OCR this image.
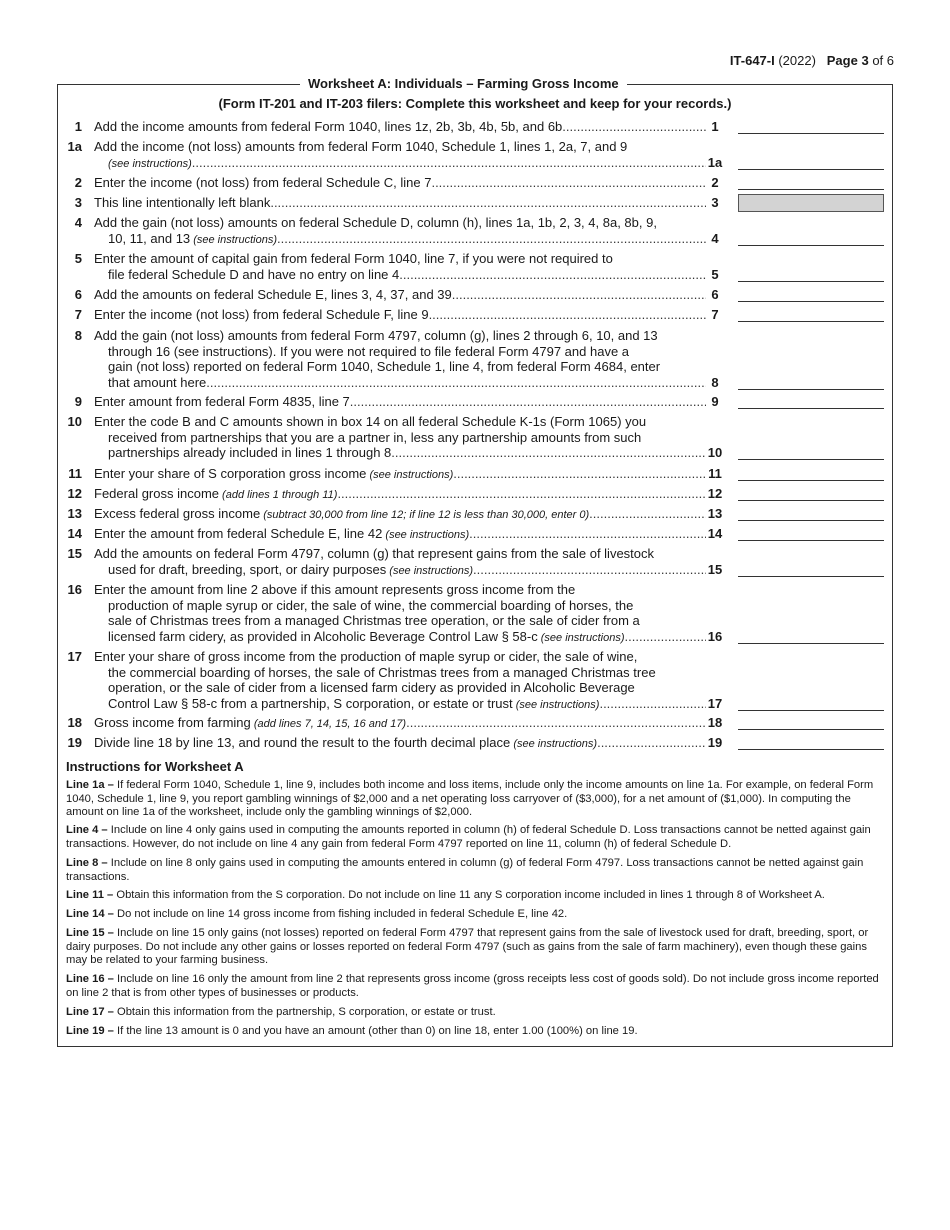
IT-647-I (2022) Page 3 of 6
Worksheet A: Individuals – Farming Gross Income
(Form IT-201 and IT-203 filers: Complete this worksheet and keep for your records.)
1 Add the income amounts from federal Form 1040, lines 1z, 2b, 3b, 4b, 5b, and 6b .....	1
1a Add the income (not loss) amounts from federal Form 1040, Schedule 1, lines 1, 2a, 7, and 9
(see instructions) .....	1a
2 Enter the income (not loss) from federal Schedule C, line 7 .....	2
3 This line intentionally left blank .....	3
4 Add the gain (not loss) amounts on federal Schedule D, column (h), lines 1a, 1b, 2, 3, 4, 8a, 8b, 9,
10, 11, and 13 (see instructions) .....	4
5 Enter the amount of capital gain from federal Form 1040, line 7, if you were not required to
file federal Schedule D and have no entry on line 4 .....	5
6 Add the amounts on federal Schedule E, lines 3, 4, 37, and 39 .....	6
7 Enter the income (not loss) from federal Schedule F, line 9 .....	7
8 Add the gain (not loss) amounts from federal Form 4797, column (g), lines 2 through 6, 10, and 13
through 16 (see instructions). If you were not required to file federal Form 4797 and have a
gain (not loss) reported on federal Form 1040, Schedule 1, line 4, from federal Form 4684, enter
that amount here .....	8
9 Enter amount from federal Form 4835, line 7 .....	9
10 Enter the code B and C amounts shown in box 14 on all federal Schedule K-1s (Form 1065) you
received from partnerships that you are a partner in, less any partnership amounts from such
partnerships already included in lines 1 through 8 .....	10
11 Enter your share of S corporation gross income (see instructions) .....	11
12 Federal gross income (add lines 1 through 11) .....	12
13 Excess federal gross income (subtract 30,000 from line 12; if line 12 is less than 30,000, enter 0) .....	13
14 Enter the amount from federal Schedule E, line 42 (see instructions) .....	14
15 Add the amounts on federal Form 4797, column (g) that represent gains from the sale of livestock
used for draft, breeding, sport, or dairy purposes (see instructions) .....	15
16 Enter the amount from line 2 above if this amount represents gross income from the
production of maple syrup or cider, the sale of wine, the commercial boarding of horses, the
sale of Christmas trees from a managed Christmas tree operation, or the sale of cider from a
licensed farm cidery, as provided in Alcoholic Beverage Control Law § 58-c (see instructions) .....	16
17 Enter your share of gross income from the production of maple syrup or cider, the sale of wine,
the commercial boarding of horses, the sale of Christmas trees from a managed Christmas tree
operation, or the sale of cider from a licensed farm cidery as provided in Alcoholic Beverage
Control Law § 58-c from a partnership, S corporation, or estate or trust (see instructions) .....	17
18 Gross income from farming (add lines 7, 14, 15, 16 and 17) .....	18
19 Divide line 18 by line 13, and round the result to the fourth decimal place (see instructions) .....	19
Instructions for Worksheet A
Line 1a – If federal Form 1040, Schedule 1, line 9, includes both income and loss items, include only the income amounts on line 1a. For example, on federal Form 1040, Schedule 1, line 9, you report gambling winnings of $2,000 and a net operating loss carryover of ($3,000), for a net amount of ($1,000). In computing the amount on line 1a of the worksheet, include only the gambling winnings of $2,000.
Line 4 – Include on line 4 only gains used in computing the amounts reported in column (h) of federal Schedule D. Loss transactions cannot be netted against gain transactions. However, do not include on line 4 any gain from federal Form 4797 reported on line 11, column (h) of federal Schedule D.
Line 8 – Include on line 8 only gains used in computing the amounts entered in column (g) of federal Form 4797. Loss transactions cannot be netted against gain transactions.
Line 11 – Obtain this information from the S corporation. Do not include on line 11 any S corporation income included in lines 1 through 8 of Worksheet A.
Line 14 – Do not include on line 14 gross income from fishing included in federal Schedule E, line 42.
Line 15 – Include on line 15 only gains (not losses) reported on federal Form 4797 that represent gains from the sale of livestock used for draft, breeding, sport, or dairy purposes. Do not include any other gains or losses reported on federal Form 4797 (such as gains from the sale of farm machinery), even though these gains may be related to your farming business.
Line 16 – Include on line 16 only the amount from line 2 that represents gross income (gross receipts less cost of goods sold). Do not include gross income reported on line 2 that is from other types of businesses or products.
Line 17 – Obtain this information from the partnership, S corporation, or estate or trust.
Line 19 – If the line 13 amount is 0 and you have an amount (other than 0) on line 18, enter 1.00 (100%) on line 19.
